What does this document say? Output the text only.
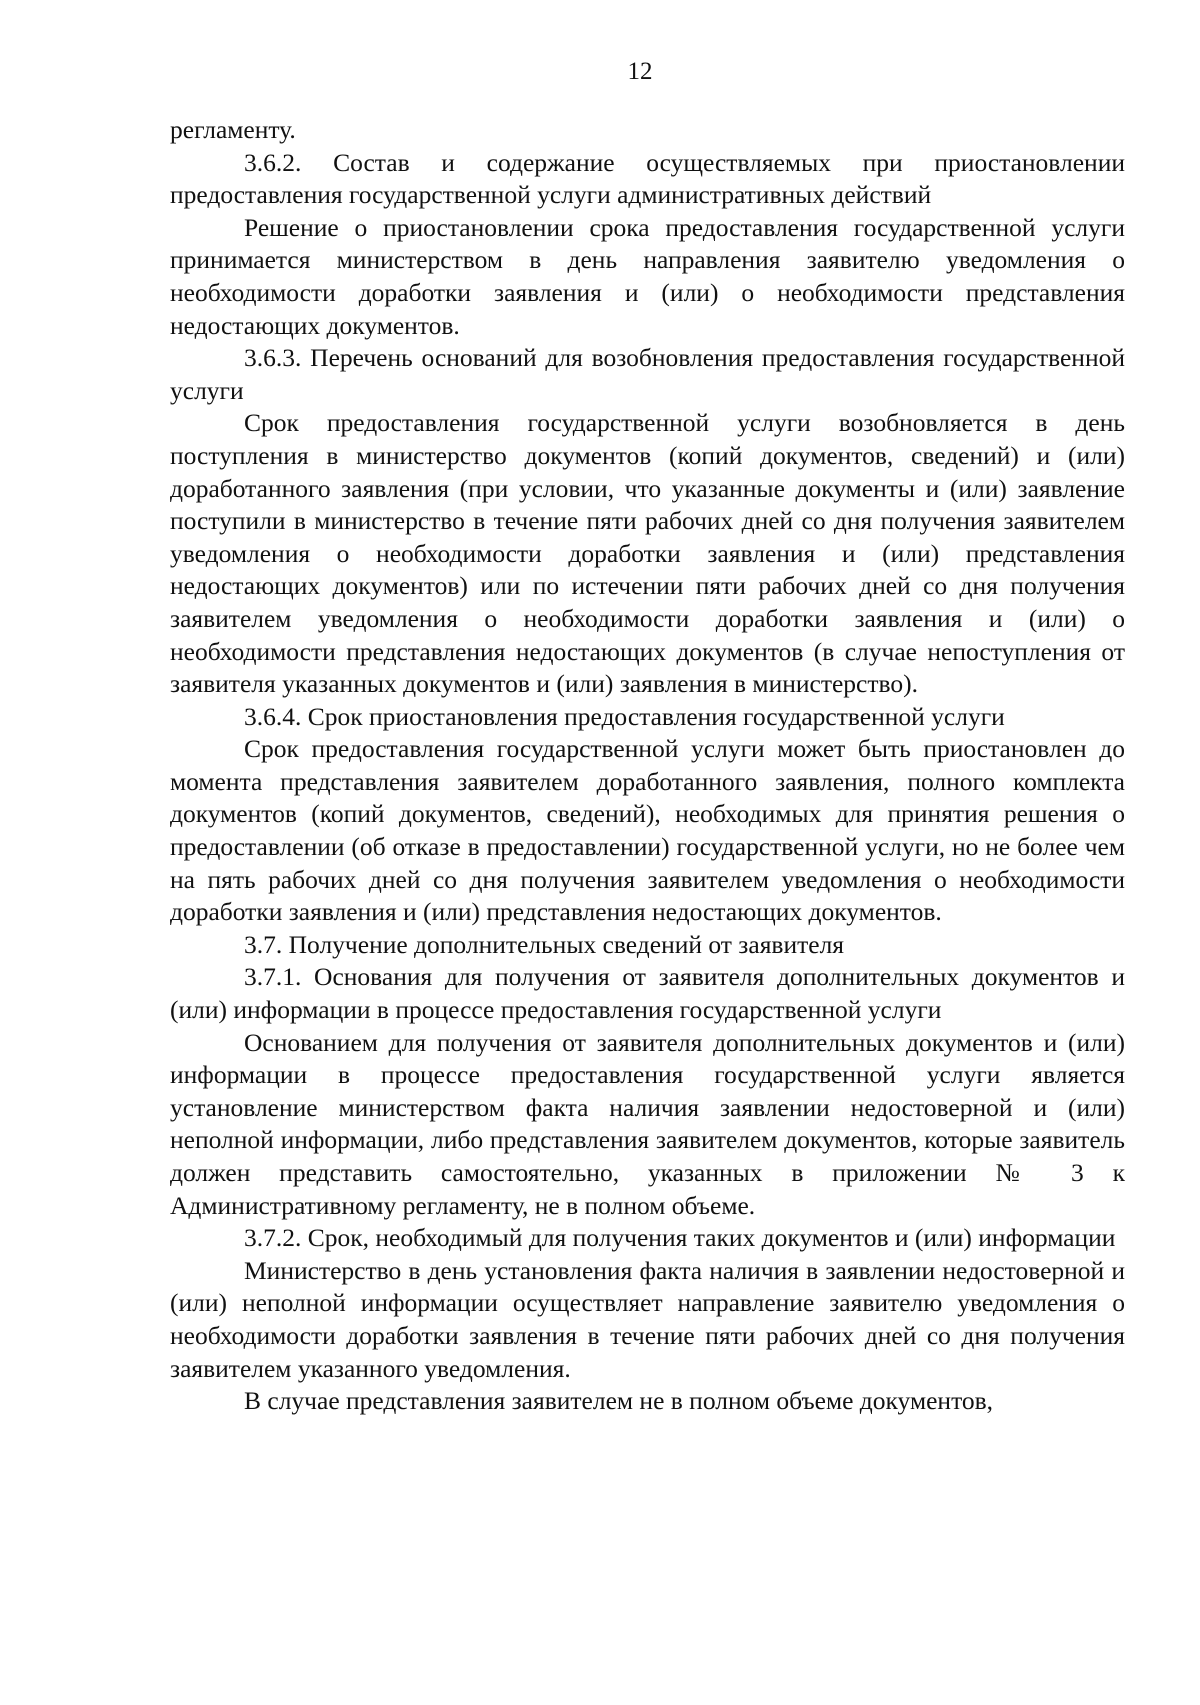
12

регламенту.

3.6.2. Состав и содержание осуществляемых при приостановлении предоставления государственной услуги административных действий

Решение о приостановлении срока предоставления государственной услуги принимается министерством в день направления заявителю уведомления о необходимости доработки заявления и (или) о необходимости представления недостающих документов.

3.6.3. Перечень оснований для возобновления предоставления государственной услуги

Срок предоставления государственной услуги возобновляется в день поступления в министерство документов (копий документов, сведений) и (или) доработанного заявления (при условии, что указанные документы и (или) заявление поступили в министерство в течение пяти рабочих дней со дня получения заявителем уведомления о необходимости доработки заявления и (или) представления недостающих документов) или по истечении пяти рабочих дней со дня получения заявителем уведомления о необходимости доработки заявления и (или) о необходимости представления недостающих документов (в случае непоступления от заявителя указанных документов и (или) заявления в министерство).

3.6.4. Срок приостановления предоставления государственной услуги

Срок предоставления государственной услуги может быть приостановлен до момента представления заявителем доработанного заявления, полного комплекта документов (копий документов, сведений), необходимых для принятия решения о предоставлении (об отказе в предоставлении) государственной услуги, но не более чем на пять рабочих дней со дня получения заявителем уведомления о необходимости доработки заявления и (или) представления недостающих документов.

3.7. Получение дополнительных сведений от заявителя

3.7.1. Основания для получения от заявителя дополнительных документов и (или) информации в процессе предоставления государственной услуги

Основанием для получения от заявителя дополнительных документов и (или) информации в процессе предоставления государственной услуги является установление министерством факта наличия заявлении недостоверной и (или) неполной информации, либо представления заявителем документов, которые заявитель должен представить самостоятельно, указанных в приложении № 3 к Административному регламенту, не в полном объеме.

3.7.2. Срок, необходимый для получения таких документов и (или) информации

Министерство в день установления факта наличия в заявлении недостоверной и (или) неполной информации осуществляет направление заявителю уведомления о необходимости доработки заявления в течение пяти рабочих дней со дня получения заявителем указанного уведомления.

В случае представления заявителем не в полном объеме документов,
